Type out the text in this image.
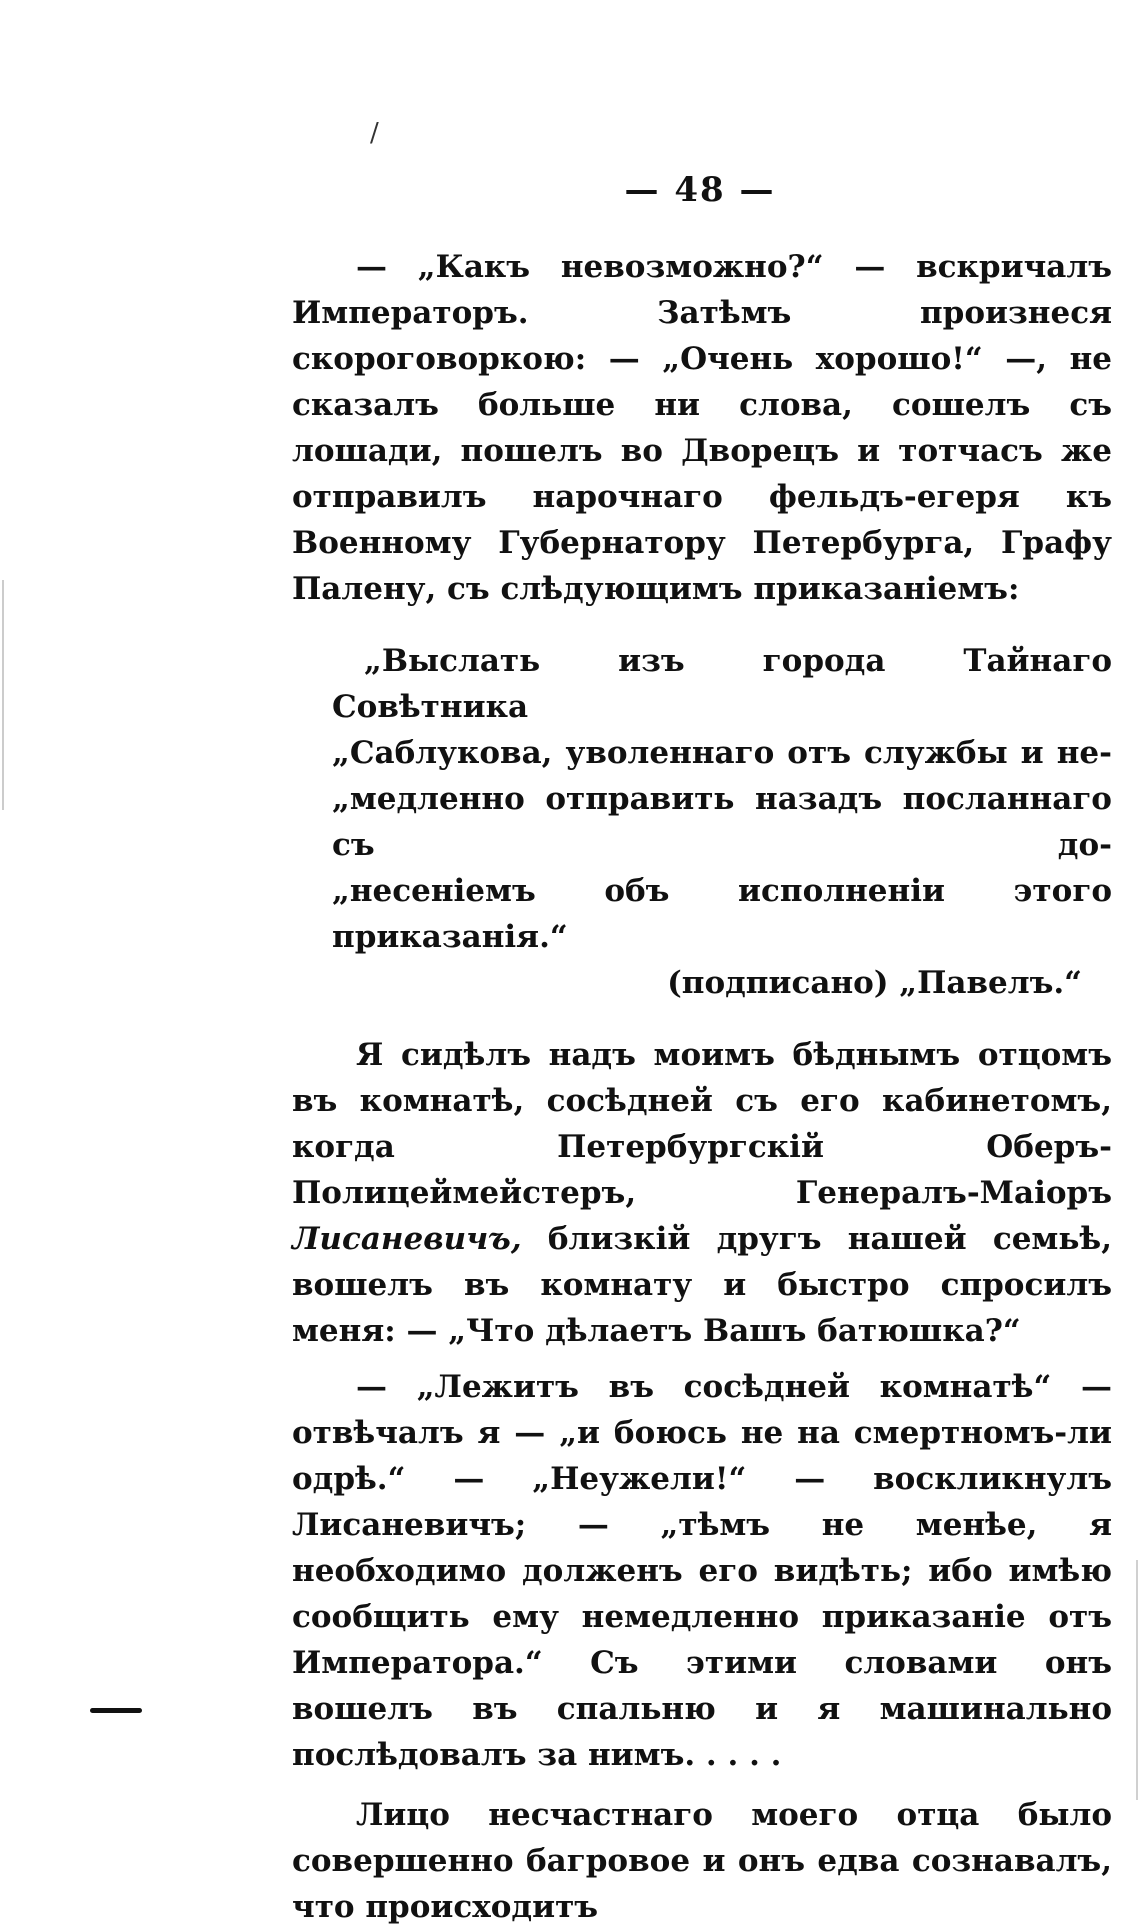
/
— 48 —

— „Какъ невозможно?“ — вскричалъ Императоръ. Затѣмъ произнеся скороговоркою: — „Очень хорошо!“ —, не сказалъ больше ни слова, сошелъ съ лошади, пошелъ во Дворецъ и тотчасъ же отправилъ нарочнаго фельдъ-егеря къ Военному Губернатору Петербурга, Графу Палену, съ слѣдующимъ приказаніемъ:

„Выслать изъ города Тайнаго Совѣтника
„Саблукова, уволеннаго отъ службы и не-
„медленно отправить назадъ посланнаго съ до-
„несеніемъ объ исполненіи этого приказанія.“
(подписано) „Павелъ.“

Я сидѣлъ надъ моимъ бѣднымъ отцомъ въ комнатѣ, сосѣдней съ его кабинетомъ, когда Петербургскій Оберъ-Полицеймейстеръ, Генералъ-Маіоръ Лисаневичъ, близкій другъ нашей семьѣ, вошелъ въ комнату и быстро спросилъ меня: — „Что дѣлаетъ Вашъ батюшка?“

— „Лежитъ въ сосѣдней комнатѣ“ — отвѣчалъ я — „и боюсь не на смертномъ-ли одрѣ.“ — „Неужели!“ — воскликнулъ Лисаневичъ; — „тѣмъ не менѣе, я необходимо долженъ его видѣть; ибо имѣю сообщить ему немедленно приказаніе отъ Императора.“ Съ этими словами онъ вошелъ въ спальню и я машинально послѣдовалъ за нимъ. . . . .

Лицо несчастнаго моего отца было совершенно багровое и онъ едва сознавалъ, что происходитъ
